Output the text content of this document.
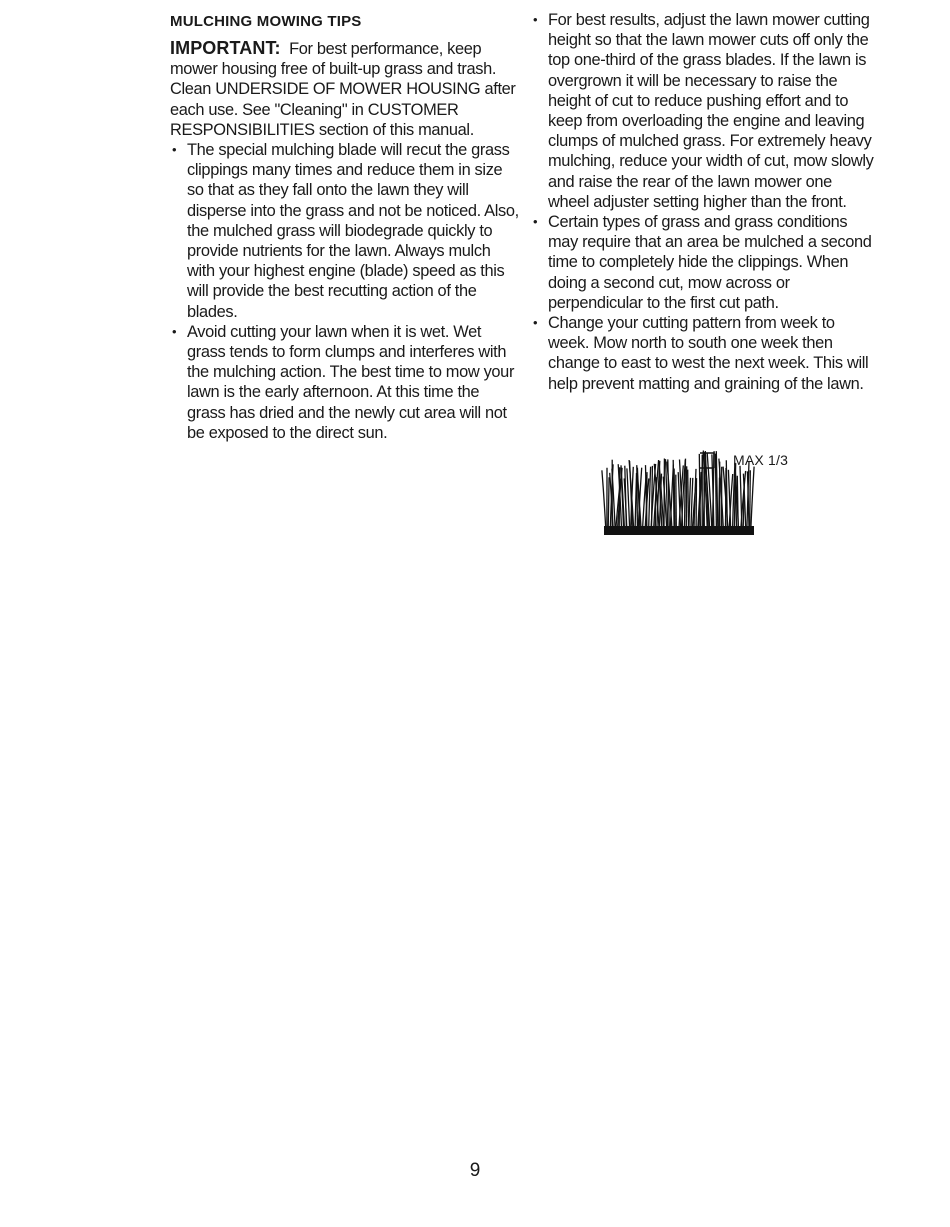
MULCHING MOWING TIPS

IMPORTANT: For best performance, keep mower housing free of built-up grass and trash. Clean UNDERSIDE OF MOWER HOUSING after each use. See "Cleaning" in CUSTOMER RESPONSIBILITIES section of this manual.

• The special mulching blade will recut the grass clippings many times and reduce them in size so that as they fall onto the lawn they will disperse into the grass and not be noticed. Also, the mulched grass will biodegrade quickly to provide nutrients for the lawn. Always mulch with your highest engine (blade) speed as this will provide the best recutting action of the blades.
• Avoid cutting your lawn when it is wet. Wet grass tends to form clumps and interferes with the mulching action. The best time to mow your lawn is the early afternoon. At this time the grass has dried and the newly cut area will not be exposed to the direct sun.
• For best results, adjust the lawn mower cutting height so that the lawn mower cuts off only the top one-third of the grass blades. If the lawn is overgrown it will be necessary to raise the height of cut to reduce pushing effort and to keep from overloading the engine and leaving clumps of mulched grass. For extremely heavy mulching, reduce your width of cut, mow slowly and raise the rear of the lawn mower one wheel adjuster setting higher than the front.
• Certain types of grass and grass conditions may require that an area be mulched a second time to completely hide the clippings. When doing a second cut, mow across or perpendicular to the first cut path.
• Change your cutting pattern from week to week. Mow north to south one week then change to east to west the next week. This will help prevent matting and graining of the lawn.
MAX 1/3
9
